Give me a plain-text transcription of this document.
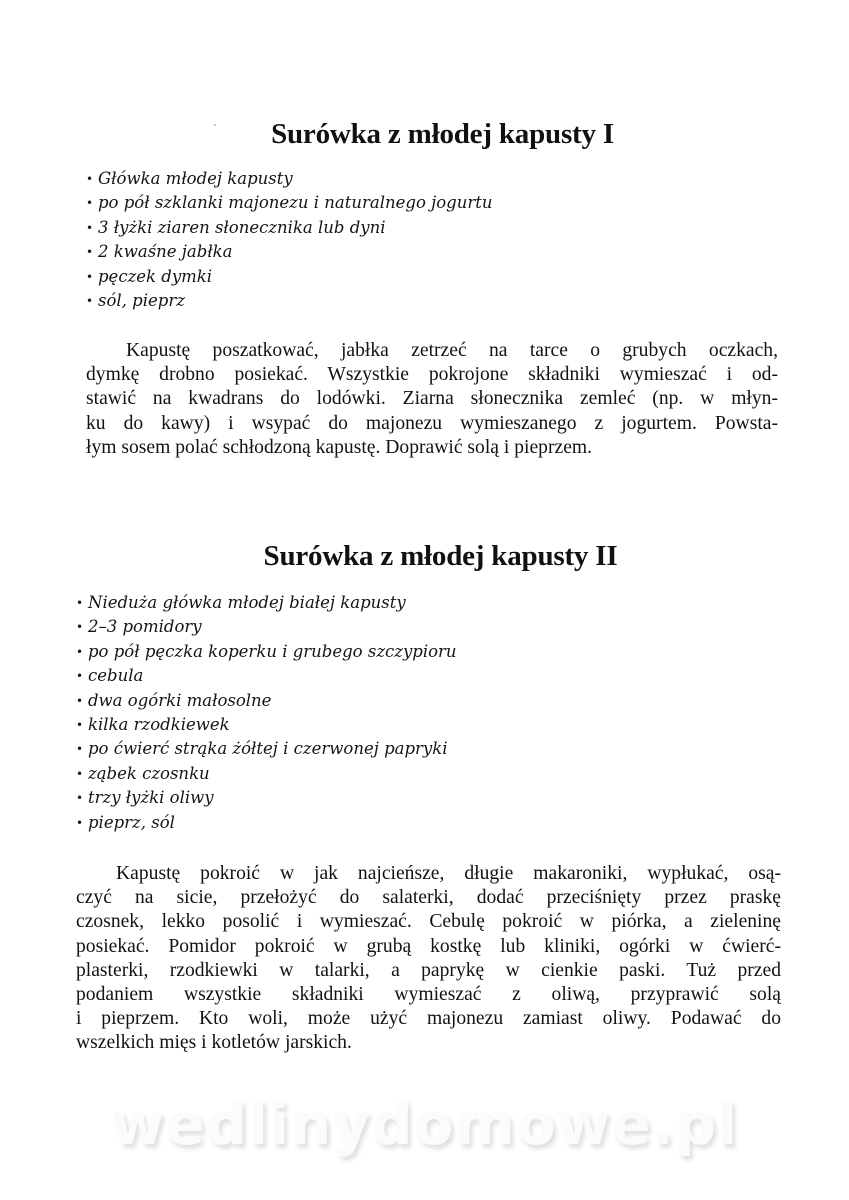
Surówka z młodej kapusty I
• Główka młodej kapusty
• po pół szklanki majonezu i naturalnego jogurtu
• 3 łyżki ziaren słonecznika lub dyni
• 2 kwaśne jabłka
• pęczek dymki
• sól, pieprz

Kapustę poszatkować, jabłka zetrzeć na tarce o grubych oczkach,
dymkę drobno posiekać. Wszystkie pokrojone składniki wymieszać i od-
stawić na kwadrans do lodówki. Ziarna słonecznika zemleć (np. w młyn-
ku do kawy) i wsypać do majonezu wymieszanego z jogurtem. Powsta-
łym sosem polać schłodzoną kapustę. Doprawić solą i pieprzem.

Surówka z młodej kapusty II
• Nieduża główka młodej białej kapusty
• 2–3 pomidory
• po pół pęczka koperku i grubego szczypioru
• cebula
• dwa ogórki małosolne
• kilka rzodkiewek
• po ćwierć strąka żółtej i czerwonej papryki
• ząbek czosnku
• trzy łyżki oliwy
• pieprz, sól

Kapustę pokroić w jak najcieńsze, długie makaroniki, wypłukać, osą-
czyć na sicie, przełożyć do salaterki, dodać przeciśnięty przez praskę
czosnek, lekko posolić i wymieszać. Cebulę pokroić w piórka, a zieleninę
posiekać. Pomidor pokroić w grubą kostkę lub kliniki, ogórki w ćwierć-
plasterki, rzodkiewki w talarki, a paprykę w cienkie paski. Tuż przed
podaniem wszystkie składniki wymieszać z oliwą, przyprawić solą
i pieprzem. Kto woli, może użyć majonezu zamiast oliwy. Podawać do
wszelkich mięs i kotletów jarskich.

wedlinydomowe.pl
